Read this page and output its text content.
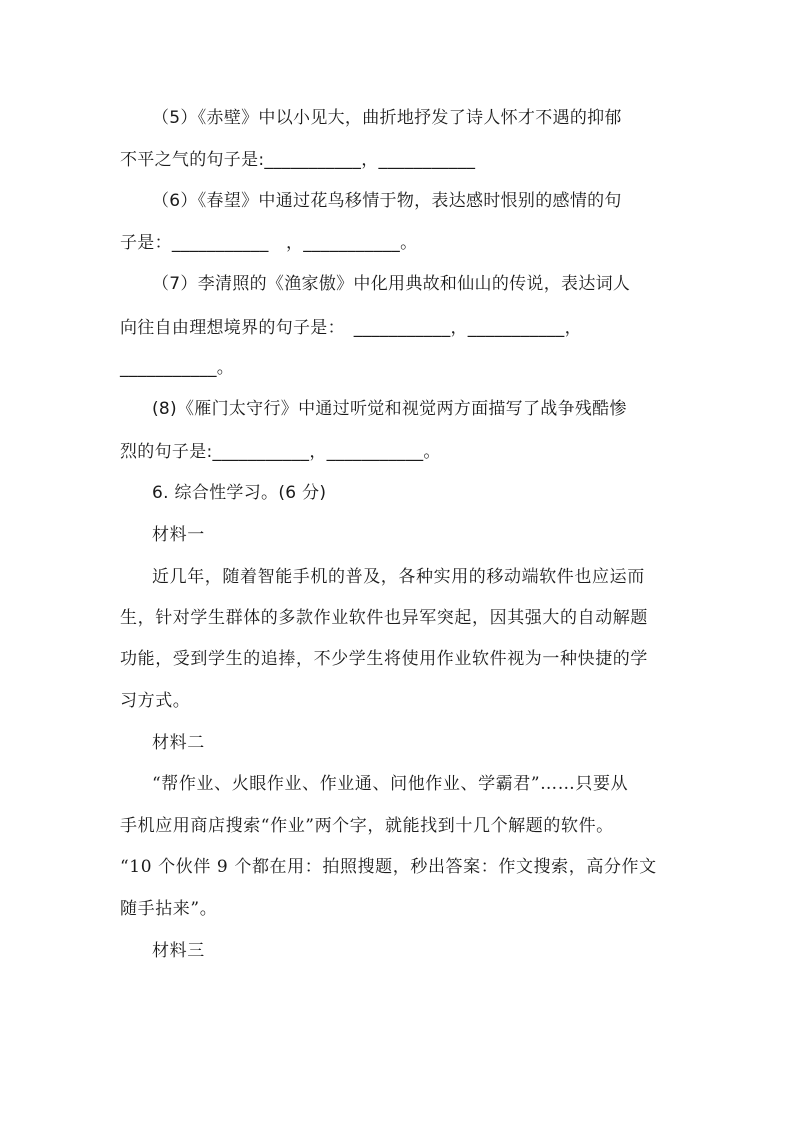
（5）《赤壁》中以小见大，曲折地抒发了诗人怀才不遇的抑郁
不平之气的句子是:___________，___________
（6）《春望》中通过花鸟移情于物，表达感时恨别的感情的句
子是：___________　，___________。
（7）李清照的《渔家傲》中化用典故和仙山的传说，表达词人
向往自由理想境界的句子是：　___________，___________，
___________。
(8)《雁门太守行》中通过听觉和视觉两方面描写了战争残酷惨
烈的句子是:___________，___________。
6. 综合性学习。(6 分)
材料一
近几年，随着智能手机的普及，各种实用的移动端软件也应运而
生，针对学生群体的多款作业软件也异军突起，因其强大的自动解题
功能，受到学生的追捧，不少学生将使用作业软件视为一种快捷的学
习方式。
材料二
“帮作业、火眼作业、作业通、问他作业、学霸君”……只要从
手机应用商店搜索“作业”两个字，就能找到十几个解题的软件。
“10 个伙伴 9 个都在用：拍照搜题，秒出答案：作文搜索，高分作文
随手拈来”。
材料三
